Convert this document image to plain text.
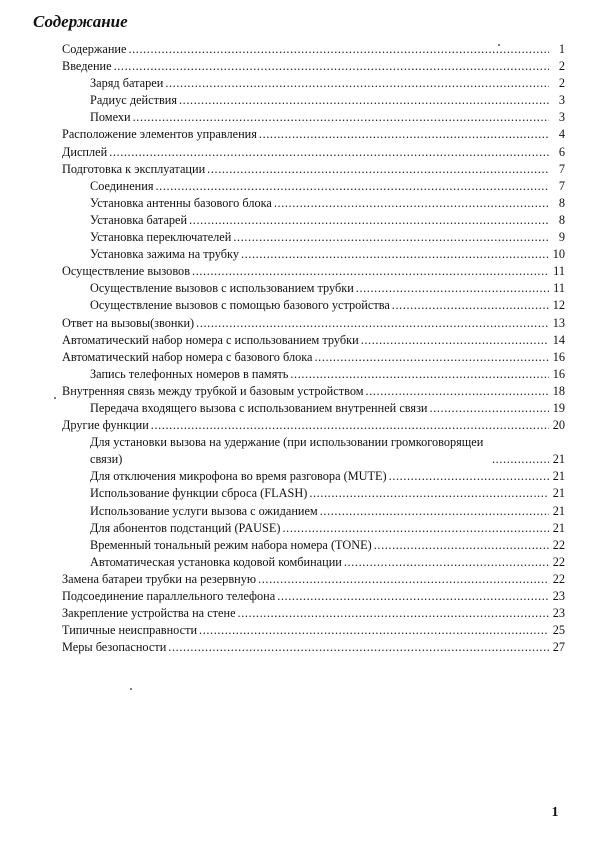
Содержание
Содержание .....	1
Введение .....	2
Заряд батареи .....	2
Радиус действия .....	3
Помехи .....	3
Расположение элементов управления .....	4
Дисплей .....	6
Подготовка к эксплуатации .....	7
Соединения .....	7
Установка антенны базового блока .....	8
Установка батарей .....	8
Установка переключателей .....	9
Установка зажима на трубку .....	10
Осуществление вызовов .....	11
Осуществление вызовов с использованием трубки .....	11
Осуществление вызовов с помощью базового устройства .....	12
Ответ на вызовы(звонки) .....	13
Автоматический набор номера с использованием трубки .....	14
Автоматический набор номера с базового блока .....	16
Запись телефонных номеров в память .....	16
Внутренняя связь между трубкой и базовым устройством .....	18
Передача входящего вызова с использованием внутренней связи .....	19
Другие функции .....	20
Для установки вызова на удержание (при использовании громкоговорящеи связи) .....	21
Для отключения микрофона во время разговора (MUTE) .....	21
Использование функции сброса (FLASH) .....	21
Использование услуги вызова с ожиданием .....	21
Для абонентов подстанций (PAUSE) .....	21
Временный тональный режим набора номера (TONE) .....	22
Автоматическая установка кодовой комбинации .....	22
Замена батареи трубки на резервную .....	22
Подсоединение параллельного телефона .....	23
Закрепление устройства на стене .....	23
Типичные неисправности .....	25
Меры безопасности .....	27
1
